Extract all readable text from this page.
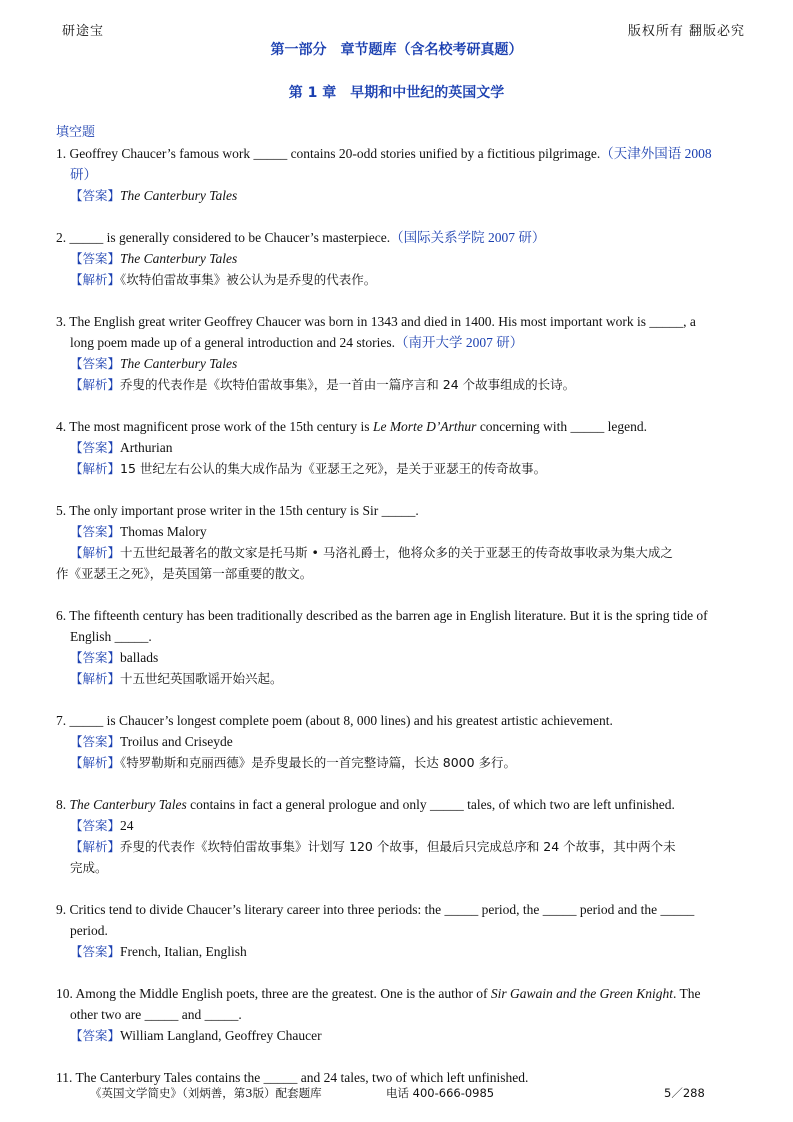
研途宝	版权所有 翻版必究
第一部分　章节题库（含名校考研真题）
第 1 章　早期和中世纪的英国文学
填空题
1. Geoffrey Chaucer’s famous work _____ contains 20-odd stories unified by a fictitious pilgrimage.（天津外国语 2008
研）
【答案】The Canterbury Tales
2. _____ is generally considered to be Chaucer’s masterpiece.（国际关系学院 2007 研）
【答案】The Canterbury Tales
【解析】《坎特伯雷故事集》被公认为是乔叟的代表作。
3. The English great writer Geoffrey Chaucer was born in 1343 and died in 1400. His most important work is _____, a
long poem made up of a general introduction and 24 stories.（南开大学 2007 研）
【答案】The Canterbury Tales
【解析】乔叟的代表作是《坎特伯雷故事集》，是一首由一篇序言和 24 个故事组成的长诗。
4. The most magnificent prose work of the 15th century is Le Morte D’Arthur concerning with _____ legend.
【答案】Arthurian
【解析】15 世纪左右公认的集大成作品为《亚瑟王之死》，是关于亚瑟王的传奇故事。
5. The only important prose writer in the 15th century is Sir _____.
【答案】Thomas Malory
【解析】十五世纪最著名的散文家是托马斯 • 马洛礼爵士，他将众多的关于亚瑟王的传奇故事收录为集大成之
作《亚瑟王之死》，是英国第一部重要的散文。
6. The fifteenth century has been traditionally described as the barren age in English literature. But it is the spring tide of
English _____.
【答案】ballads
【解析】十五世纪英国歌谣开始兴起。
7. _____ is Chaucer’s longest complete poem (about 8, 000 lines) and his greatest artistic achievement.
【答案】Troilus and Criseyde
【解析】《特罗勒斯和克丽西德》是乔叟最长的一首完整诗篇，长达 8000 多行。
8. The Canterbury Tales contains in fact a general prologue and only _____ tales, of which two are left unfinished.
【答案】24
【解析】乔叟的代表作《坎特伯雷故事集》计划写 120 个故事，但最后只完成总序和 24 个故事，其中两个未
完成。
9. Critics tend to divide Chaucer’s literary career into three periods: the _____ period, the _____ period and the _____
period.
【答案】French, Italian, English
10. Among the Middle English poets, three are the greatest. One is the author of Sir Gawain and the Green Knight. The
other two are _____ and _____.
【答案】William Langland, Geoffrey Chaucer
11. The Canterbury Tales contains the _____ and 24 tales, two of which left unfinished.
《英国文学简史》（刘炳善，第3版）配套题库	电话 400-666-0985	5／288
